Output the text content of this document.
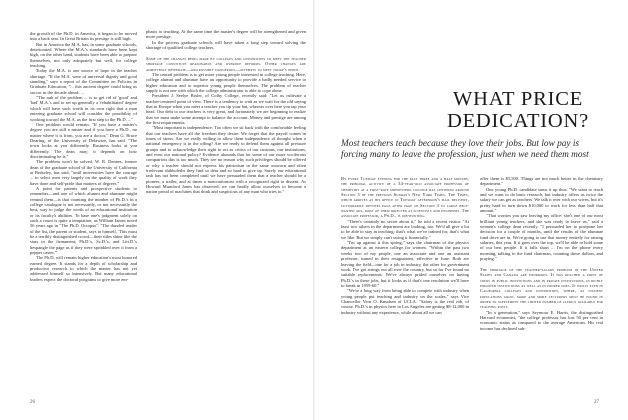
the growth of the Ph.D. in America, it began to be moved into a back seat. In Great Britain its prestige is still high.

But in America the M.A. has, in some graduate schools, deteriorated. Where the M.A.'s standards have been kept high, on the other hand, students have been able to prepare themselves, not only adequately but well, for college teaching.

Today the M.A. is one source of hope in the teacher shortage. "If the M.A. were of universal dignity and good standing," says a report of the Committee on Policies in Graduate Education, "... this ancient degree could bring us succor in the decade ahead. ...

"The nub of the problem ... is to get rid of 'good' and 'bad' M.A.'s and to set up generally a 'rehabilitated' degree which will have such worth in its own right that a man entering graduate school will consider the possibility of working toward the M.A. as the first step to the Ph.D. ..."

One problem would remain. "If you have a master's degree you are still a mister and if you have a Ph.D., no matter where it is from, you are a doctor," Dean G. Bruce Dearing, of the University of Delaware, has said. "The town looks at you differently. Business looks at you differently. The dean may; it depends on how discriminating he is."

The problem won't be solved, W. R. Dennes, former dean of the graduate school of the University of California at Berkeley, has said, "until universities have the courage ... to select men very largely on the quality of work they have done and self-pride that matters of degrees."

A point for parents and prospective students to remember—and one of which alumni and alumnae might remind them—is that counting the number of Ph.D.'s in a college catalogue is not necessarily, or not necessarily the best, way to judge the worth of an educational institution or its faculty's abilities. To base one's judgment solely on such a count is quite a temptation, as William James noted 56 years ago in "The Ph.D. Octopus": "The dazzled reader of the list, the parent or student, says to himself, 'This must be a terribly distinguished crowd—their titles shine like the stars in the firmament; Ph.D.'s, Sc.D.'s, and Litt.D.'s bespangle the page as if they were sprinkled over it from a pepper caster.'"

The Ph.D. will remain higher education's most honored earned degree. It stands for a depth of scholarship and productive research to which the master has not yet addressed himself so intensively. But many educational leaders expect the doctoral programs to give more em-

phasis to teaching. At the same time the master's degree will be strengthened and given more prestige.

In the process graduate schools will have taken a long step toward solving the shortage of qualified college teachers.

Some of the changes being made by colleges and universities to meet the teacher shortage constitute reasonable and overdue reforms. Other changes are admittedly desperate—and possibly dangerous—attempts to meet today's needs.

The central problem is to get more young people interested in college teaching. Here, college alumni and alumnae have an opportunity to provide a badly needed service to higher education and to superior young people themselves. The problem of teacher supply is not one with which the college administrator is able to cope alone.

President J. Seelye Bixler, of Colby College, recently said: "Let us cultivate a teacher-centered point of view. There is a tendency to wait as we wait for the old saying that in Europe when you meet a teacher you tip your hat, whereas over here you tap your head. Our debt to our teachers is very great, and fortunately we are beginning to realize that we must make some attempt to balance the account. Money and prestige are among the first requirements.

"Most important is independence. Too often we sit back with the comfortable feeling that our teachers have all the freedom they desire. We forget that the payoff comes in times of stress. Are we really willing to allow them independence of thought when a national emergency is in the offing? Are we ready to defend them against all pressure groups and to acknowledge their right to act as critics of our customs, our institutions, and even our national policy? Evidence abounds that for some of our more vociferous compatriots this is too much. They see no reason why such privileges should be offered or why a teacher should not express his patriotism in the same outworn and often irrelevant shibboleths they find so dear and so hard to give up. Surely our educational task has not been completed until we have persuaded them that a teacher should be a pioneer, a trailer, and at times a nonconformist with a recognized right to dissent. As Howard Mumford Jones has observed, we can hardly allow ourselves to become a nation proud of machines that think and suspicious of any man who tries to."

WHAT PRICE DEDICATION?
Most teachers teach because they love their jobs. But low pay is forcing many to leave the profession, just when we need them most

By every Tuesday evening for the past three and a half months, the principal activity of a 34-year-old associate professor of chemistry at a first-rate midwestern college has centered around Section 3 of the previous Sunday's New York Times. The Times, which arrives at his office in Tuesday afternoon's mail delivery, customarily devotes page after page of Section 3 to large help-wanted ads, most of them directed at scientists and engineers. The associate professor, a Ph.D., is job-hunting.

"There's certainly no secret about it," he told a recent visitor. "At least two others in the department are looking, too. We'd all give a lot to be able to stay in teaching; that's what we've trained for, that's what we like. But we simply can't swing it financially."

"I'm up against it this spring," says the chairman of the physics department at an eastern college for women. "Within the past two weeks two of my people, one an associate and one an assistant professor, turned in their resignations, effective in June. Both are leaving the field—one for a job in industry, the other for government work. I've got strings out all over the country, but so far I've found no suitable replacements. We've always prided ourselves on having Ph.D.'s in these jobs, but it looks as if that's one resolution we'll have to break in 1959-60."

"We're a long way from being able to compete with industry when young people put teaching and industry on the scales," says Vice Chancellor Vern O. Knudsen of UCLA. "Salary is the real rub, of course. Ph.D.'s in physics here in Los Angeles are getting $8-12,000 in industry without any experience, while about all we can

offer them is $5,500. Things are not much better in the chemistry department."

One young Ph.D. candidate sums it up thus: "We want to teach and we want to do basic research, but industry offers us twice the salary we can get as teachers. We talk it over with our wives, but it's pretty hard to turn down $10,000 to work for less than half that amount."

"That worries you saw leaving my office: she's one of our most brilliant young teachers, and she was ready to leave us," said a women's college dean recently. "I persuaded her to postpone her decision for a couple of months, until the results of the alumnae fund drive are in. We're going to use that money entirely for raising salaries, this year. If it goes over the top, we'll be able to hold some of our best people. If it falls short ... I'm on the phone every morning, talking to the fund chairman, counting those dollars, and praying."

The shortage of the teacher-salary problem in the United States and Canada are enormous. It has reached a point of crisis in public institutions and in private institutions, in richly endowed institutions as well as in poorer ones. It exists even in California colleges and universities, where, as student populations grow, more and more lecturers must be found in order to supplement the limited number of clerics available for teaching posts.

"In a generation," says Seymour E. Harris, the distinguished Harvard economist, "the college professor has lost 50 per cent in economic status as compared to the average American. His real income has declined sub-

26	27
